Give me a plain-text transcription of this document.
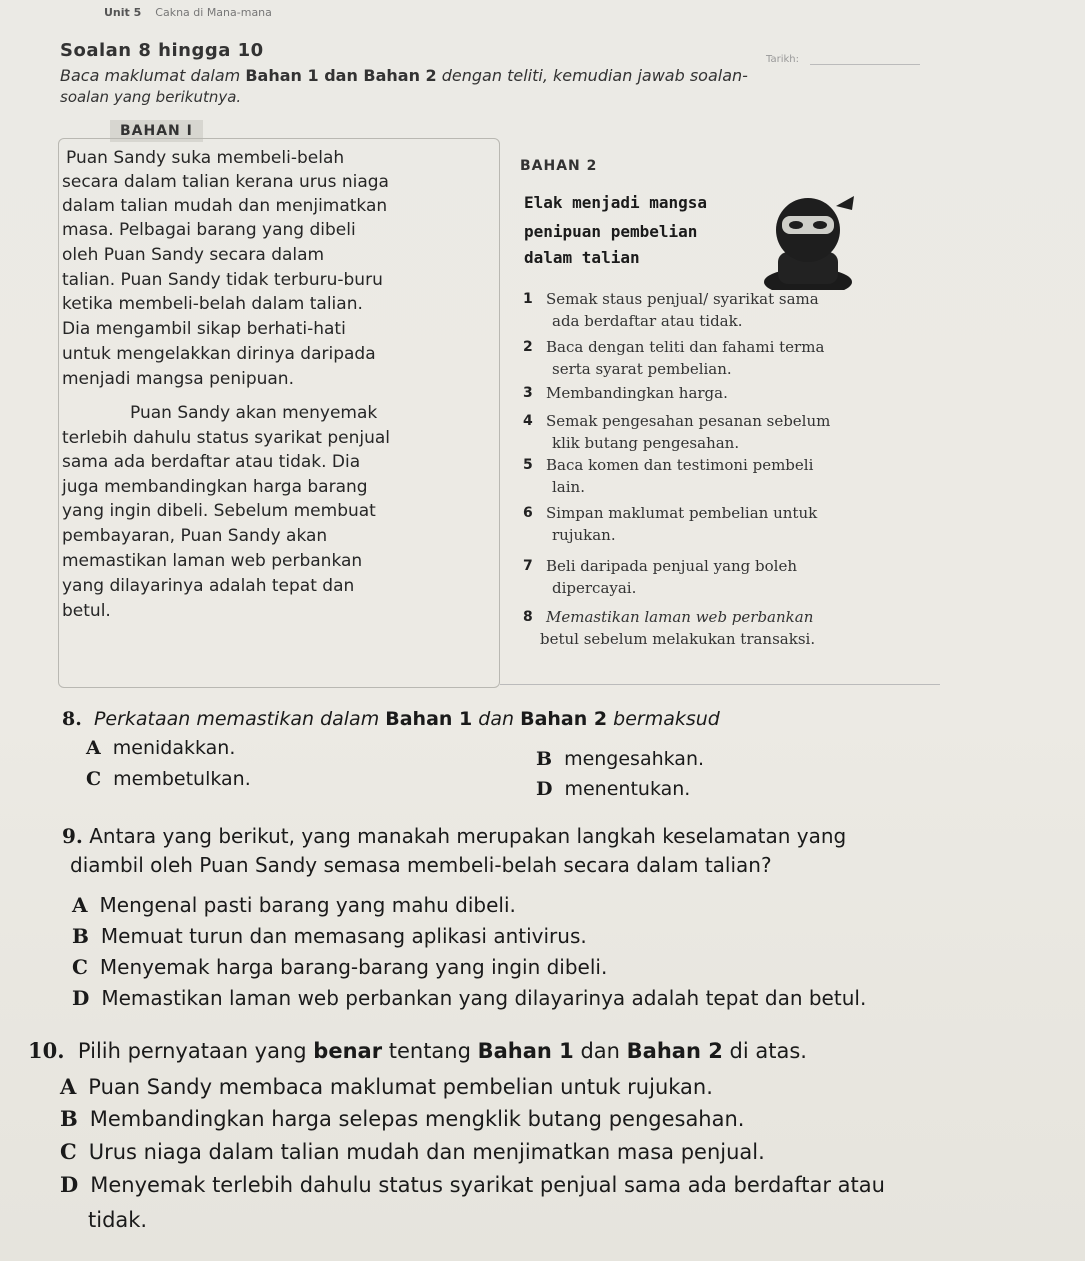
Unit 5 Cakna di Mana-mana
Soalan 8 hingga 10	Tarikh:
Baca maklumat dalam Bahan 1 dan Bahan 2 dengan teliti, kemudian jawab soalan-
soalan yang berikutnya.
BAHAN I
Puan Sandy suka membeli-belah
secara dalam talian kerana urus niaga
dalam talian mudah dan menjimatkan
masa. Pelbagai barang yang dibeli
oleh Puan Sandy secara dalam
talian. Puan Sandy tidak terburu-buru
ketika membeli-belah dalam talian.
Dia mengambil sikap berhati-hati
untuk mengelakkan dirinya daripada
menjadi mangsa penipuan.
Puan Sandy akan menyemak
terlebih dahulu status syarikat penjual
sama ada berdaftar atau tidak. Dia
juga membandingkan harga barang
yang ingin dibeli. Sebelum membuat
pembayaran, Puan Sandy akan
memastikan laman web perbankan
yang dilayarinya adalah tepat dan
betul.
BAHAN 2
Elak menjadi mangsa
penipuan pembelian
dalam talian
1 Semak staus penjual/ syarikat sama
ada berdaftar atau tidak.
2 Baca dengan teliti dan fahami terma
serta syarat pembelian.
3 Membandingkan harga.
4 Semak pengesahan pesanan sebelum
klik butang pengesahan.
5 Baca komen dan testimoni pembeli
lain.
6 Simpan maklumat pembelian untuk
rujukan.
7 Beli daripada penjual yang boleh
dipercayai.
8 Memastikan laman web perbankan
betul sebelum melakukan transaksi.
8. Perkataan memastikan dalam Bahan 1 dan Bahan 2 bermaksud
A menidakkan.	B mengesahkan.
C membetulkan.	D menentukan.
9. Antara yang berikut, yang manakah merupakan langkah keselamatan yang
diambil oleh Puan Sandy semasa membeli-belah secara dalam talian?
A Mengenal pasti barang yang mahu dibeli.
B Memuat turun dan memasang aplikasi antivirus.
C Menyemak harga barang-barang yang ingin dibeli.
D Memastikan laman web perbankan yang dilayarinya adalah tepat dan betul.
10. Pilih pernyataan yang benar tentang Bahan 1 dan Bahan 2 di atas.
A Puan Sandy membaca maklumat pembelian untuk rujukan.
B Membandingkan harga selepas mengklik butang pengesahan.
C Urus niaga dalam talian mudah dan menjimatkan masa penjual.
D Menyemak terlebih dahulu status syarikat penjual sama ada berdaftar atau
tidak.
